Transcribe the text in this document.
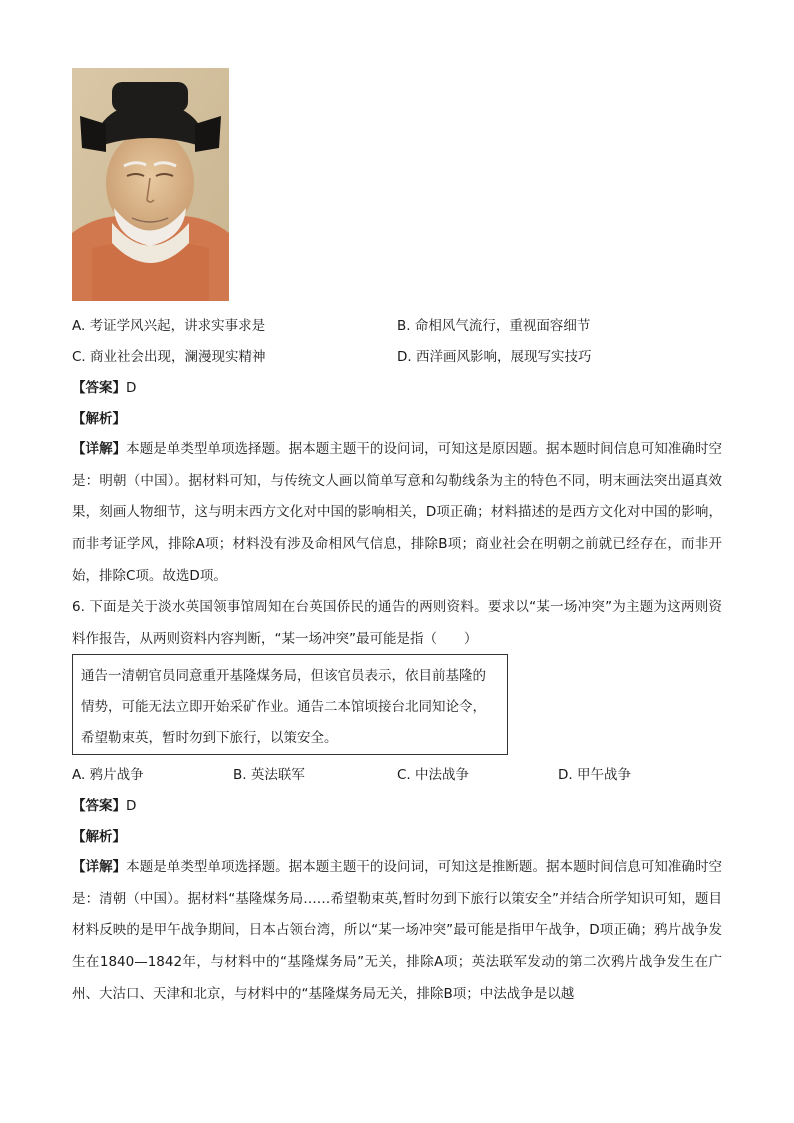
A. 考证学风兴起，讲求实事求是	B. 命相风气流行，重视面容细节
C. 商业社会出现，澜漫现实精神	D. 西洋画风影响，展现写实技巧
【答案】D
【解析】
【详解】本题是单类型单项选择题。据本题主题干的设问词，可知这是原因题。据本题时间信息可知准确时空是：明朝（中国）。据材料可知，与传统文人画以简单写意和勾勒线条为主的特色不同，明末画法突出逼真效果，刻画人物细节，这与明末西方文化对中国的影响相关，D项正确；材料描述的是西方文化对中国的影响，而非考证学风，排除A项；材料没有涉及命相风气信息，排除B项；商业社会在明朝之前就已经存在，而非开始，排除C项。故选D项。
6. 下面是关于淡水英国领事馆周知在台英国侨民的通告的两则资料。要求以“某一场冲突”为主题为这两则资料作报告，从两则资料内容判断，“某一场冲突”最可能是指（　　）
通告一清朝官员同意重开基隆煤务局，但该官员表示，依目前基隆的情势，可能无法立即开始采矿作业。通告二本馆顷接台北同知论令，希望勒束英，暂时勿到下旅行，以策安全。
A. 鸦片战争	B. 英法联军	C. 中法战争	D. 甲午战争
【答案】D
【解析】
【详解】本题是单类型单项选择题。据本题主题干的设问词，可知这是推断题。据本题时间信息可知准确时空是：清朝（中国）。据材料“基隆煤务局……希望勒束英,暂时勿到下旅行以策安全”并结合所学知识可知，题目材料反映的是甲午战争期间，日本占领台湾，所以“某一场冲突”最可能是指甲午战争，D项正确；鸦片战争发生在1840—1842年，与材料中的“基隆煤务局”无关，排除A项；英法联军发动的第二次鸦片战争发生在广州、大沽口、天津和北京，与材料中的“基隆煤务局无关，排除B项；中法战争是以越
